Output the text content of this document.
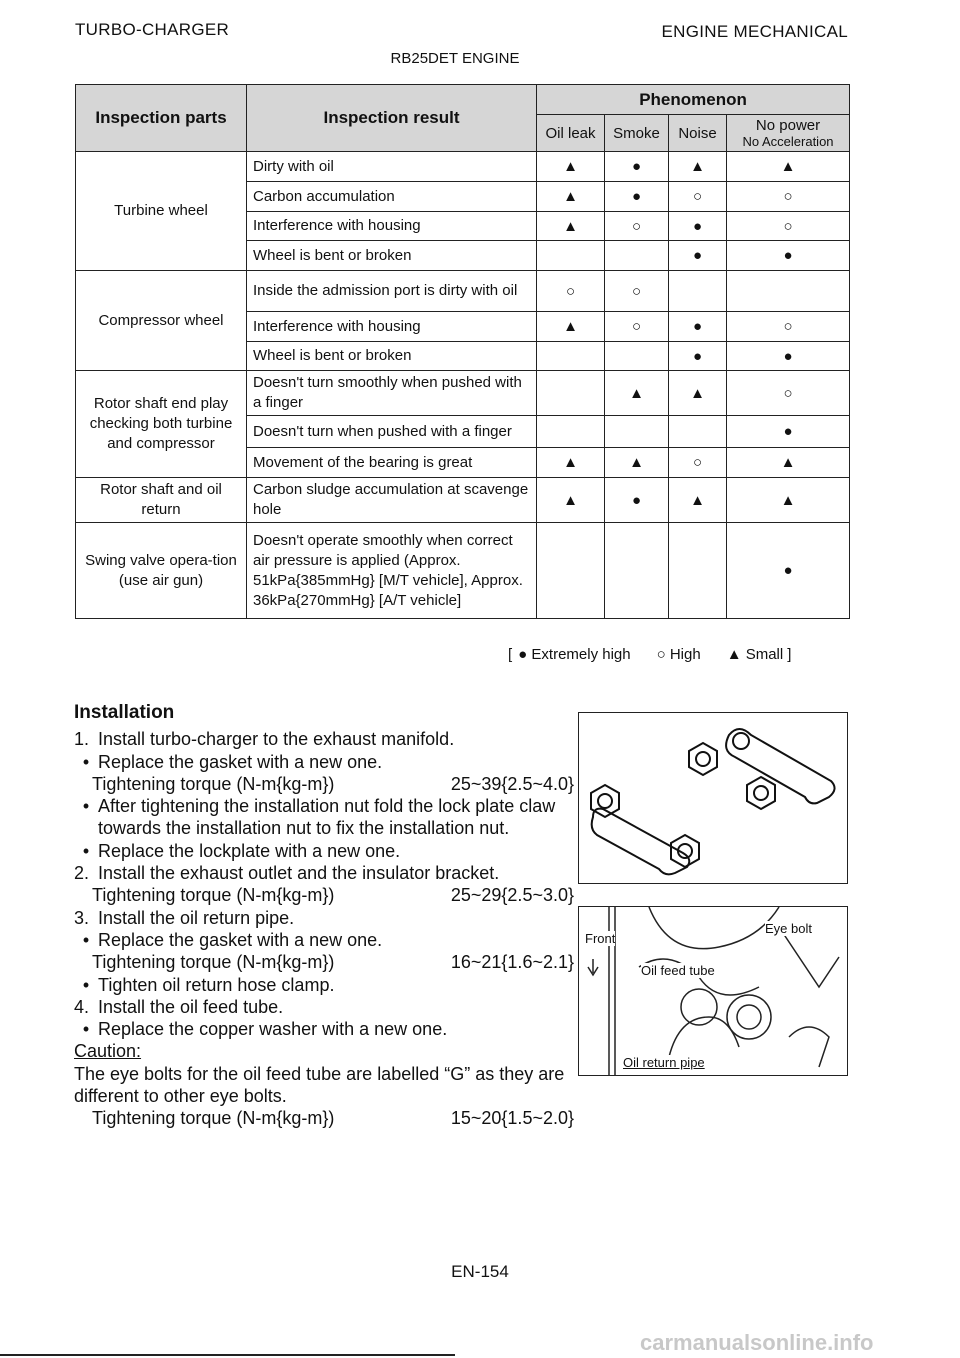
TURBO-CHARGER	ENGINE MECHANICAL
RB25DET ENGINE
Inspection parts	Inspection result	Phenomenon			
		Oil leak	Smoke	Noise	No power
No Acceleration

Turbine wheel	Dirty with oil	▲	●	▲	▲
	Carbon accumulation	▲	●	○	○
	Interference with housing	▲	○	●	○
	Wheel is bent or broken			●	●
Compressor wheel	Inside the admission port is dirty with oil	○	○		
	Interference with housing	▲	○	●	○
	Wheel is bent or broken			●	●
Rotor shaft end play checking both turbine and compressor	Doesn't turn smoothly when pushed with a finger		▲	▲	○
	Doesn't turn when pushed with a finger				●
	Movement of the bearing is great	▲	▲	○	▲
Rotor shaft and oil return	Carbon sludge accumulation at scavenge hole	▲	●	▲	▲
Swing valve opera-tion (use air gun)	Doesn't operate smoothly when correct air pressure is applied (Approx. 51kPa{385mmHg} [M/T vehicle], Approx. 36kPa{270mmHg} [A/T vehicle]				●
[ ● Extremely high ○ High ▲ Small ]
Installation
1. Install turbo-charger to the exhaust manifold.
• Replace the gasket with a new one.
Tightening torque (N-m{kg-m})	25~39{2.5~4.0}
• After tightening the installation nut fold the lock plate claw towards the installation nut to fix the installation nut.
• Replace the lockplate with a new one.
2. Install the exhaust outlet and the insulator bracket.
Tightening torque (N-m{kg-m})	25~29{2.5~3.0}
3. Install the oil return pipe.
• Replace the gasket with a new one.
Tightening torque (N-m{kg-m})	16~21{1.6~2.1}
• Tighten oil return hose clamp.
4. Install the oil feed tube.
• Replace the copper washer with a new one.
Caution:
The eye bolts for the oil feed tube are labelled “G” as they are different to other eye bolts.
Tightening torque (N-m{kg-m})	15~20{1.5~2.0}
Front
Eye bolt
Oil feed tube
Oil return pipe
EN-154
carmanualsonline.info
